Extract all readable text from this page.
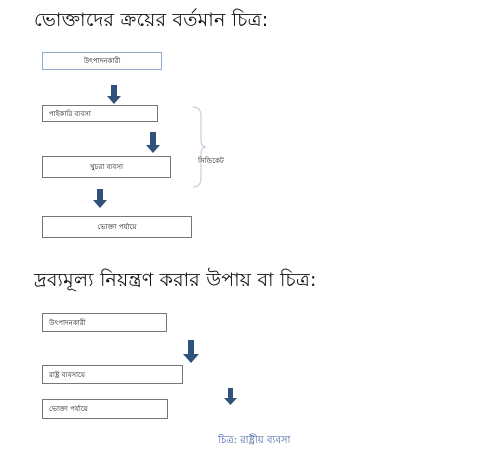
ভোক্তাদের ক্রয়ের বর্তমান চিত্র:
উৎপাদনকারী
পাইকারি ব্যবসা
খুচরা ব্যবসা
সিন্ডিকেট
ভোক্তা পর্যায়ে
দ্রব্যমূল্য নিয়ন্ত্রণ করার উপায় বা চিত্র:
উৎপাদনকারী
রাষ্ট্র ব্যবসায়ে
ভোক্তা পর্যায়ে
চিত্র: রাষ্ট্রীয় ব্যবসা
